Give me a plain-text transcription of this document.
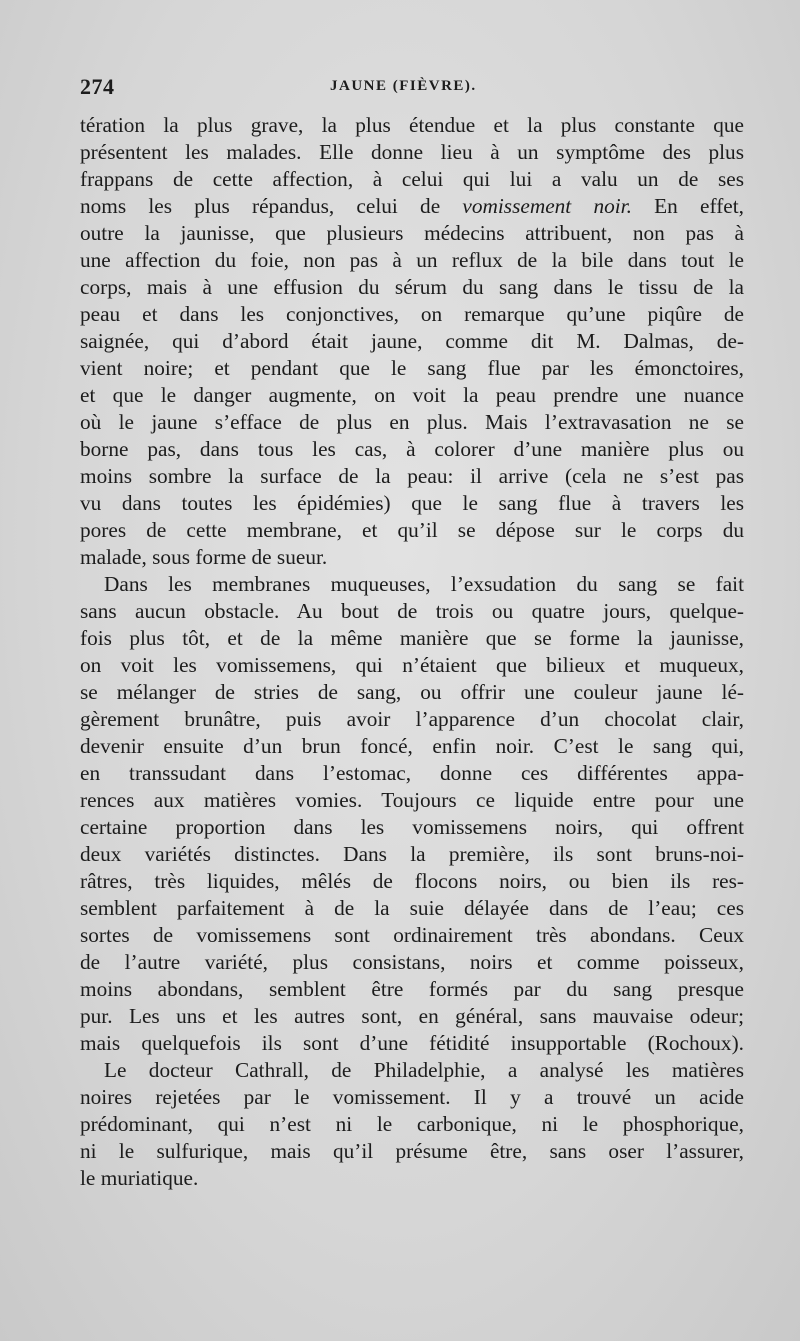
274	JAUNE (FIÈVRE).
tération la plus grave, la plus étendue et la plus constante que
présentent les malades. Elle donne lieu à un symptôme des plus
frappans de cette affection, à celui qui lui a valu un de ses
noms les plus répandus, celui de vomissement noir. En effet,
outre la jaunisse, que plusieurs médecins attribuent, non pas à
une affection du foie, non pas à un reflux de la bile dans tout le
corps, mais à une effusion du sérum du sang dans le tissu de la
peau et dans les conjonctives, on remarque qu’une piqûre de
saignée, qui d’abord était jaune, comme dit M. Dalmas, de-
vient noire; et pendant que le sang flue par les émonctoires,
et que le danger augmente, on voit la peau prendre une nuance
où le jaune s’efface de plus en plus. Mais l’extravasation ne se
borne pas, dans tous les cas, à colorer d’une manière plus ou
moins sombre la surface de la peau: il arrive (cela ne s’est pas
vu dans toutes les épidémies) que le sang flue à travers les
pores de cette membrane, et qu’il se dépose sur le corps du
malade, sous forme de sueur.
Dans les membranes muqueuses, l’exsudation du sang se fait
sans aucun obstacle. Au bout de trois ou quatre jours, quelque-
fois plus tôt, et de la même manière que se forme la jaunisse,
on voit les vomissemens, qui n’étaient que bilieux et muqueux,
se mélanger de stries de sang, ou offrir une couleur jaune lé-
gèrement brunâtre, puis avoir l’apparence d’un chocolat clair,
devenir ensuite d’un brun foncé, enfin noir. C’est le sang qui,
en transsudant dans l’estomac, donne ces différentes appa-
rences aux matières vomies. Toujours ce liquide entre pour une
certaine proportion dans les vomissemens noirs, qui offrent
deux variétés distinctes. Dans la première, ils sont bruns-noi-
râtres, très liquides, mêlés de flocons noirs, ou bien ils res-
semblent parfaitement à de la suie délayée dans de l’eau; ces
sortes de vomissemens sont ordinairement très abondans. Ceux
de l’autre variété, plus consistans, noirs et comme poisseux,
moins abondans, semblent être formés par du sang presque
pur. Les uns et les autres sont, en général, sans mauvaise odeur;
mais quelquefois ils sont d’une fétidité insupportable (Rochoux).
Le docteur Cathrall, de Philadelphie, a analysé les matières
noires rejetées par le vomissement. Il y a trouvé un acide
prédominant, qui n’est ni le carbonique, ni le phosphorique,
ni le sulfurique, mais qu’il présume être, sans oser l’assurer,
le muriatique.
